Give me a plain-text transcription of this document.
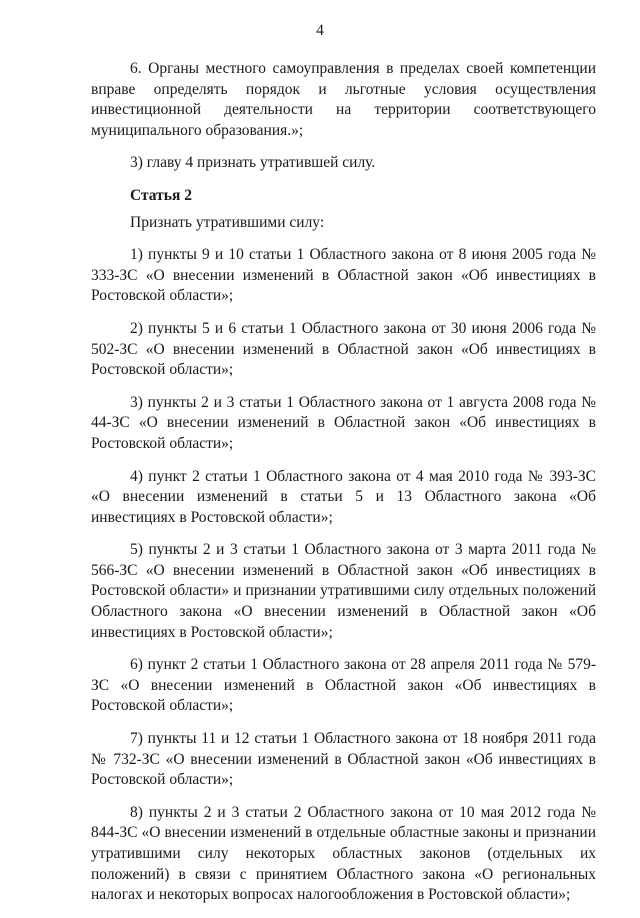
4

6. Органы местного самоуправления в пределах своей компетенции вправе определять порядок и льготные условия осуществления инвестиционной деятельности на территории соответствующего муниципального образования.»;

3) главу 4 признать утратившей силу.

Статья 2

Признать утратившими силу:

1) пункты 9 и 10 статьи 1 Областного закона от 8 июня 2005 года № 333-ЗС «О внесении изменений в Областной закон «Об инвестициях в Ростовской области»;

2) пункты 5 и 6 статьи 1 Областного закона от 30 июня 2006 года № 502-ЗС «О внесении изменений в Областной закон «Об инвестициях в Ростовской области»;

3) пункты 2 и 3 статьи 1 Областного закона от 1 августа 2008 года № 44-ЗС «О внесении изменений в Областной закон «Об инвестициях в Ростовской области»;

4) пункт 2 статьи 1 Областного закона от 4 мая 2010 года № 393-ЗС «О внесении изменений в статьи 5 и 13 Областного закона «Об инвестициях в Ростовской области»;

5) пункты 2 и 3 статьи 1 Областного закона от 3 марта 2011 года № 566-ЗС «О внесении изменений в Областной закон «Об инвестициях в Ростовской области» и признании утратившими силу отдельных положений Областного закона «О внесении изменений в Областной закон «Об инвестициях в Ростовской области»;

6) пункт 2 статьи 1 Областного закона от 28 апреля 2011 года № 579-ЗС «О внесении изменений в Областной закон «Об инвестициях в Ростовской области»;

7) пункты 11 и 12 статьи 1 Областного закона от 18 ноября 2011 года № 732-ЗС «О внесении изменений в Областной закон «Об инвестициях в Ростовской области»;

8) пункты 2 и 3 статьи 2 Областного закона от 10 мая 2012 года № 844-ЗС «О внесении изменений в отдельные областные законы и признании утратившими силу некоторых областных законов (отдельных их положений) в связи с принятием Областного закона «О региональных налогах и некоторых вопросах налогообложения в Ростовской области»;
